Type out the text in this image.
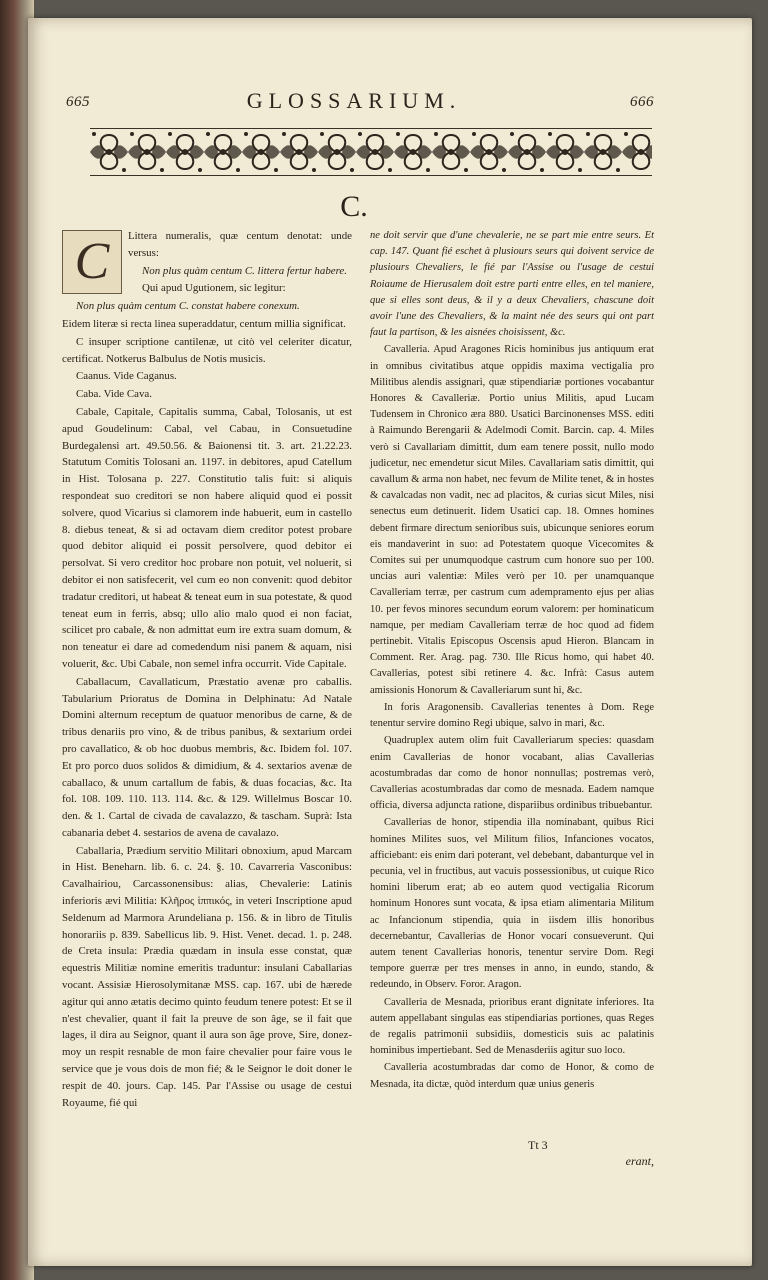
665	GLOSSARIUM.	666
C.
C	Littera numeralis, quæ centum denotat: unde versus:

Non plus quàm centum C. littera fertur habere.

Qui apud Ugutionem, sic legitur:

Non plus quàm centum C. constat habere conexum.

Eidem literæ si recta linea superaddatur, centum millia significat.

C insuper scriptione cantilenæ, ut citò vel celeriter dicatur, certificat. Notkerus Balbulus de Notis musicis.

Caanus. Vide Caganus.

Caba. Vide Cava.

Cabale, Capitale, Capitalis summa, Cabal, Tolosanis, ut est apud Goudelinum: Cabal, vel Cabau, in Consuetudine Burdegalensi art. 49.50.56. & Baionensi tit. 3. art. 21.22.23. Statutum Comitis Tolosani an. 1197. in debitores, apud Catellum in Hist. Tolosana p. 227. Constitutio talis fuit: si aliquis respondeat suo creditori se non habere aliquid quod ei possit solvere, quod Vicarius si clamorem inde habuerit, eum in castello 8. diebus teneat, & si ad octavam diem creditor potest probare quod debitor aliquid ei possit persolvere, quod debitor ei persolvat. Si vero creditor hoc probare non potuit, vel noluerit, si debitor ei non satisfecerit, vel cum eo non convenit: quod debitor tradatur creditori, ut habeat & teneat eum in sua potestate, & quod teneat eum in ferris, absq; ullo alio malo quod ei non faciat, scilicet pro cabale, & non admittat eum ire extra suam domum, & non teneatur ei dare ad comedendum nisi panem & aquam, nisi voluerit, &c. Ubi Cabale, non semel infra occurrit. Vide Capitale.

Caballacum, Cavallaticum, Præstatio avenæ pro caballis. Tabularium Prioratus de Domina in Delphinatu: Ad Natale Domini alternum receptum de quatuor menoribus de carne, & de tribus denariis pro vino, & de tribus panibus, & sextarium ordei pro cavallatico, & ob hoc duobus membris, &c. Ibidem fol. 107. Et pro porco duos solidos & dimidium, & 4. sextarios avenæ de caballaco, & unum cartallum de fabis, & duas focacias, &c. Ita fol. 108. 109. 110. 113. 114. &c. & 129. Willelmus Boscar 10. den. & 1. Cartal de civada de cavalazzo, & tascham. Suprà: Ista cabanaria debet 4. sestarios de avena de cavalazo.

Caballaria, Prædium servitio Militari obnoxium, apud Marcam in Hist. Beneharn. lib. 6. c. 24. §. 10. Cavarreria Vasconibus: Cavalhairiou, Carcassonensibus: alias, Chevalerie: Latinis inferioris ævi Militia: Κλῆρος ἱππικός, in veteri Inscriptione apud Seldenum ad Marmora Arundeliana p. 156. & in libro de Titulis honorariis p. 839. Sabellicus lib. 9. Hist. Venet. decad. 1. p. 248. de Creta insula: Prædia quædam in insula esse constat, quæ equestris Militiæ nomine emeritis traduntur: insulani Caballarias vocant. Assisiæ Hierosolymitanæ MSS. cap. 167. ubi de hærede agitur qui anno ætatis decimo quinto feudum tenere potest: Et se il n'est chevalier, quant il fait la preuve de son âge, se il fait que lages, il dira au Seignor, quant il aura son âge prove, Sire, donez-moy un respit resnable de mon faire chevalier pour faire vous le service que je vous dois de mon fié; & le Seignor le doit doner le respit de 40. jours. Cap. 145. Par l'Assise ou usage de cestui Royaume, fié qui

ne doit servir que d'une chevalerie, ne se part mie entre seurs. Et cap. 147. Quant fié eschet à plusiours seurs qui doivent service de plusiours Chevaliers, le fié par l'Assise ou l'usage de cestui Roiaume de Hierusalem doit estre parti entre elles, en tel maniere, que si elles sont deus, & il y a deux Chevaliers, chascune doit avoir l'une des Chevaliers, & la maint née des seurs qui ont part faut la partison, & les aisnées choisissent, &c.

Cavalleria. Apud Aragones Ricis hominibus jus antiquum erat in omnibus civitatibus atque oppidis maxima vectigalia pro Militibus alendis assignari, quæ stipendiariæ portiones vocabantur Honores & Cavalleriæ. Portio unius Militis, apud Lucam Tudensem in Chronico æra 880. Usatici Barcinonenses MSS. editi à Raimundo Berengarii & Adelmodi Comit. Barcin. cap. 4. Miles verò si Cavallariam dimittit, dum eam tenere possit, nullo modo judicetur, nec emendetur sicut Miles. Cavallariam satis dimittit, qui cavallum & arma non habet, nec fevum de Milite tenet, & in hostes & cavalcadas non vadit, nec ad placitos, & curias sicut Miles, nisi senectus eum detinuerit. Iidem Usatici cap. 18. Omnes homines debent firmare directum senioribus suis, ubicunque seniores eorum eis mandaverint in suo: ad Potestatem quoque Vicecomites & Comites sui per unumquodque castrum cum honore suo per 100. uncias auri valentiæ: Miles verò per 10. per unamquanque Cavalleriam terræ, per castrum cum adempramento ejus per alias 10. per fevos minores secundum eorum valorem: per hominaticum namque, per mediam Cavalleriam terræ de hoc quod ad fidem pertinebit. Vitalis Episcopus Oscensis apud Hieron. Blancam in Comment. Rer. Arag. pag. 730. Ille Ricus homo, qui habet 40. Cavallerias, potest sibi retinere 4. &c. Infrà: Casus autem amissionis Honorum & Cavalleriarum sunt hi, &c.

In foris Aragonensib. Cavallerias tenentes à Dom. Rege tenentur servire domino Regi ubique, salvo in mari, &c.

Quadruplex autem olim fuit Cavalleriarum species: quasdam enim Cavallerias de honor vocabant, alias Cavallerias acostumbradas dar como de honor nonnullas; postremas verò, Cavallerias acostumbradas dar como de mesnada. Eadem namque officia, diversa adjuncta ratione, dispariibus ordinibus tribuebantur.

Cavallerias de honor, stipendia illa nominabant, quibus Rici homines Milites suos, vel Militum filios, Infanciones vocatos, afficiebant: eis enim dari poterant, vel debebant, dabanturque vel in pecunia, vel in fructibus, aut vacuis possessionibus, ut cuique Rico homini liberum erat; ab eo autem quod vectigalia Ricorum hominum Honores sunt vocata, & ipsa etiam alimentaria Militum ac Infancionum stipendia, quia in iisdem illis honoribus decernebantur, Cavallerias de Honor vocari consueverunt. Qui autem tenent Cavallerias honoris, tenentur servire Dom. Regi tempore guerræ per tres menses in anno, in eundo, stando, & redeundo, in Observ. Foror. Aragon.

Cavalleria de Mesnada, prioribus erant dignitate inferiores. Ita autem appellabant singulas eas stipendiarias portiones, quas Reges de regalis patrimonii subsidiis, domesticis suis ac palatinis hominibus impertiebant. Sed de Menasderiis agitur suo loco.

Cavalleria acostumbradas dar como de Honor, & como de Mesnada, ita dictæ, quòd interdum quæ unius generis

Tt 3
erant,
